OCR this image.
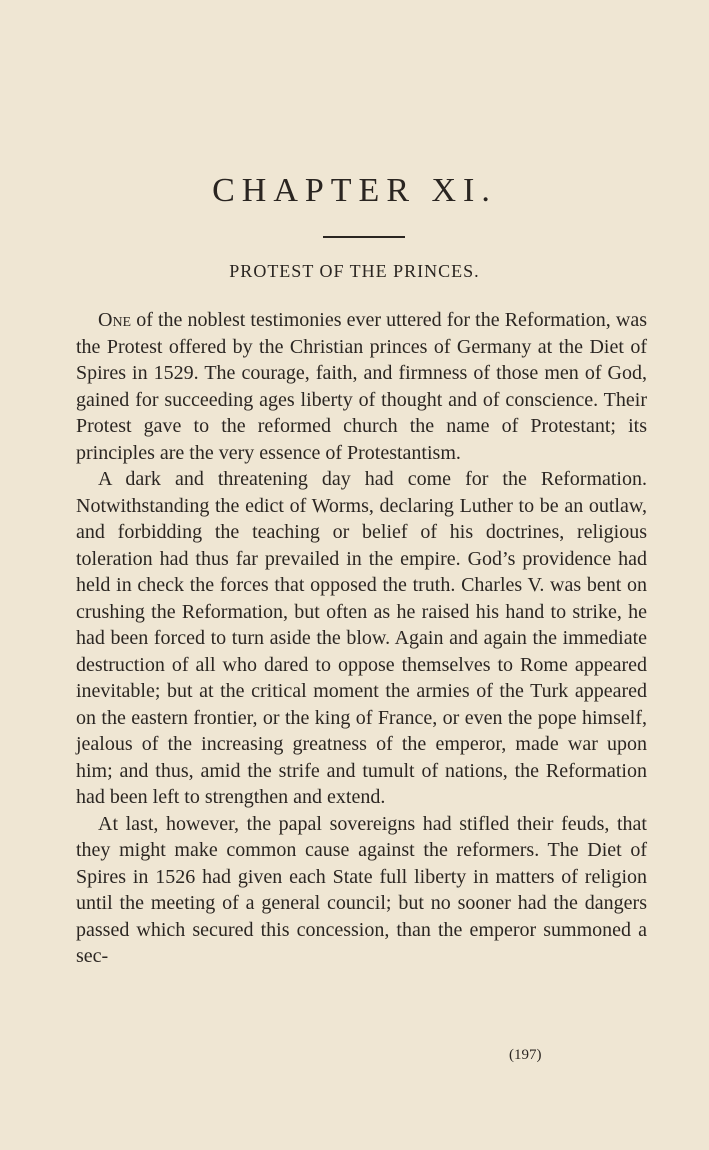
CHAPTER XI.
PROTEST OF THE PRINCES.

One of the noblest testimonies ever uttered for the Reformation, was the Protest offered by the Christian princes of Germany at the Diet of Spires in 1529. The courage, faith, and firmness of those men of God, gained for succeeding ages liberty of thought and of conscience. Their Protest gave to the reformed church the name of Protestant; its principles are the very essence of Protestantism.

A dark and threatening day had come for the Reformation. Notwithstanding the edict of Worms, declaring Luther to be an outlaw, and forbidding the teaching or belief of his doctrines, religious toleration had thus far prevailed in the empire. God’s providence had held in check the forces that opposed the truth. Charles V. was bent on crushing the Reformation, but often as he raised his hand to strike, he had been forced to turn aside the blow. Again and again the immediate destruction of all who dared to oppose themselves to Rome appeared inevitable; but at the critical moment the armies of the Turk appeared on the eastern frontier, or the king of France, or even the pope himself, jealous of the increasing greatness of the emperor, made war upon him; and thus, amid the strife and tumult of nations, the Reformation had been left to strengthen and extend.

At last, however, the papal sovereigns had stifled their feuds, that they might make common cause against the reformers. The Diet of Spires in 1526 had given each State full liberty in matters of religion until the meeting of a general council; but no sooner had the dangers passed which secured this concession, than the emperor summoned a sec-

(197)
